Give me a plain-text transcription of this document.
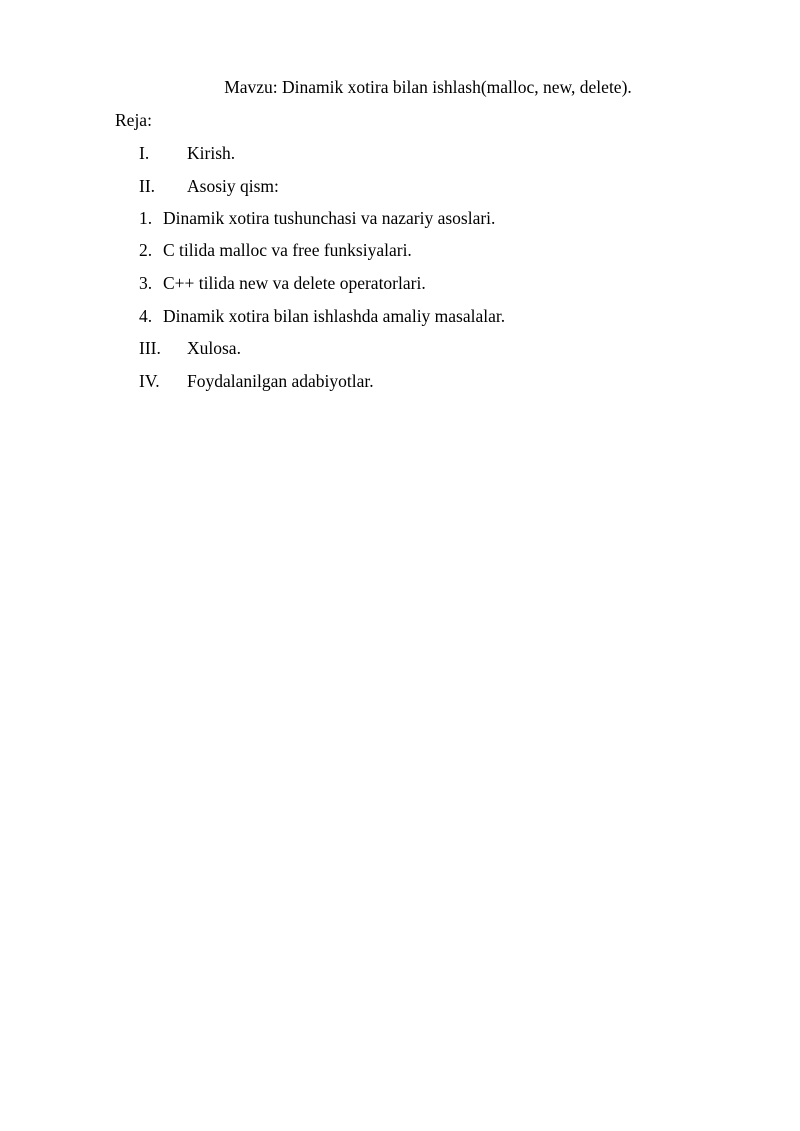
Mavzu: Dinamik xotira bilan ishlash(malloc, new, delete).
Reja:
I. Kirish.
II. Asosiy qism:
1. Dinamik xotira tushunchasi va nazariy asoslari.
2. C tilida malloc va free funksiyalari.
3. C++ tilida new va delete operatorlari.
4. Dinamik xotira bilan ishlashda amaliy masalalar.
III. Xulosa.
IV. Foydalanilgan adabiyotlar.
